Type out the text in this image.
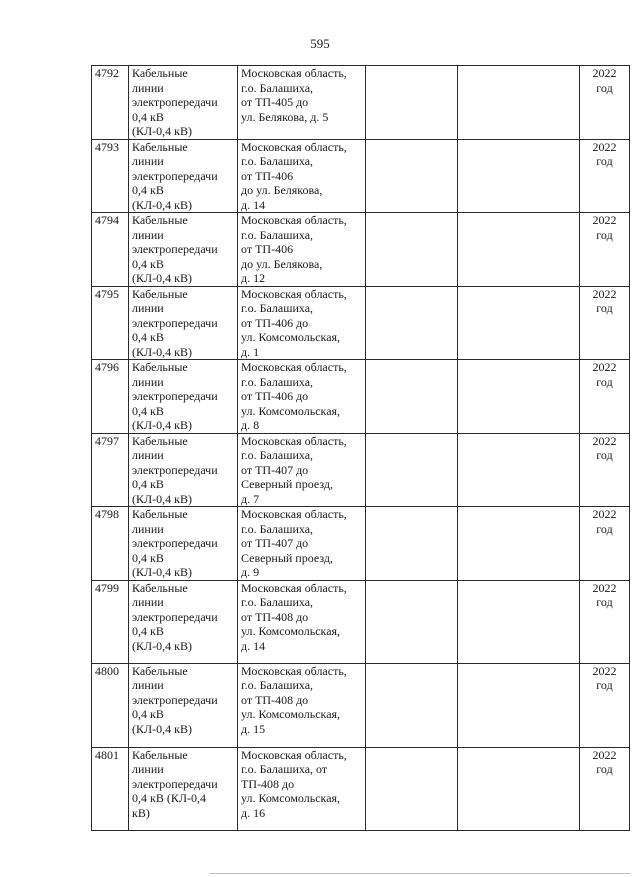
595
4792	Кабельные
линии
электропередачи
0,4 кВ
(КЛ-0,4 кВ)	Московская область,
г.о. Балашиха,
от ТП-405 до
ул. Белякова, д. 5			2022
год

4793	Кабельные
линии
электропередачи
0,4 кВ
(КЛ-0,4 кВ)	Московская область,
г.о. Балашиха,
от ТП-406
до ул. Белякова,
д. 14			2022
год

4794	Кабельные
линии
электропередачи
0,4 кВ
(КЛ-0,4 кВ)	Московская область,
г.о. Балашиха,
от ТП-406
до ул. Белякова,
д. 12			2022
год

4795	Кабельные
линии
электропередачи
0,4 кВ
(КЛ-0,4 кВ)	Московская область,
г.о. Балашиха,
от ТП-406 до
ул. Комсомольская,
д. 1			2022
год

4796	Кабельные
линии
электропередачи
0,4 кВ
(КЛ-0,4 кВ)	Московская область,
г.о. Балашиха,
от ТП-406 до
ул. Комсомольская,
д. 8			2022
год

4797	Кабельные
линии
электропередачи
0,4 кВ
(КЛ-0,4 кВ)	Московская область,
г.о. Балашиха,
от ТП-407 до
Северный проезд,
д. 7			2022
год

4798	Кабельные
линии
электропередачи
0,4 кВ
(КЛ-0,4 кВ)	Московская область,
г.о. Балашиха,
от ТП-407 до
Северный проезд,
д. 9			2022
год

4799	Кабельные
линии
электропередачи
0,4 кВ
(КЛ-0,4 кВ)	Московская область,
г.о. Балашиха,
от ТП-408 до
ул. Комсомольская,
д. 14			2022
год

4800	Кабельные
линии
электропередачи
0,4 кВ
(КЛ-0,4 кВ)	Московская область,
г.о. Балашиха,
от ТП-408 до
ул. Комсомольская,
д. 15			2022
год

4801	Кабельные
линии
электропередачи
0,4 кВ (КЛ-0,4
кВ)	Московская область,
г.о. Балашиха, от
ТП-408 до
ул. Комсомольская,
д. 16			2022
год
